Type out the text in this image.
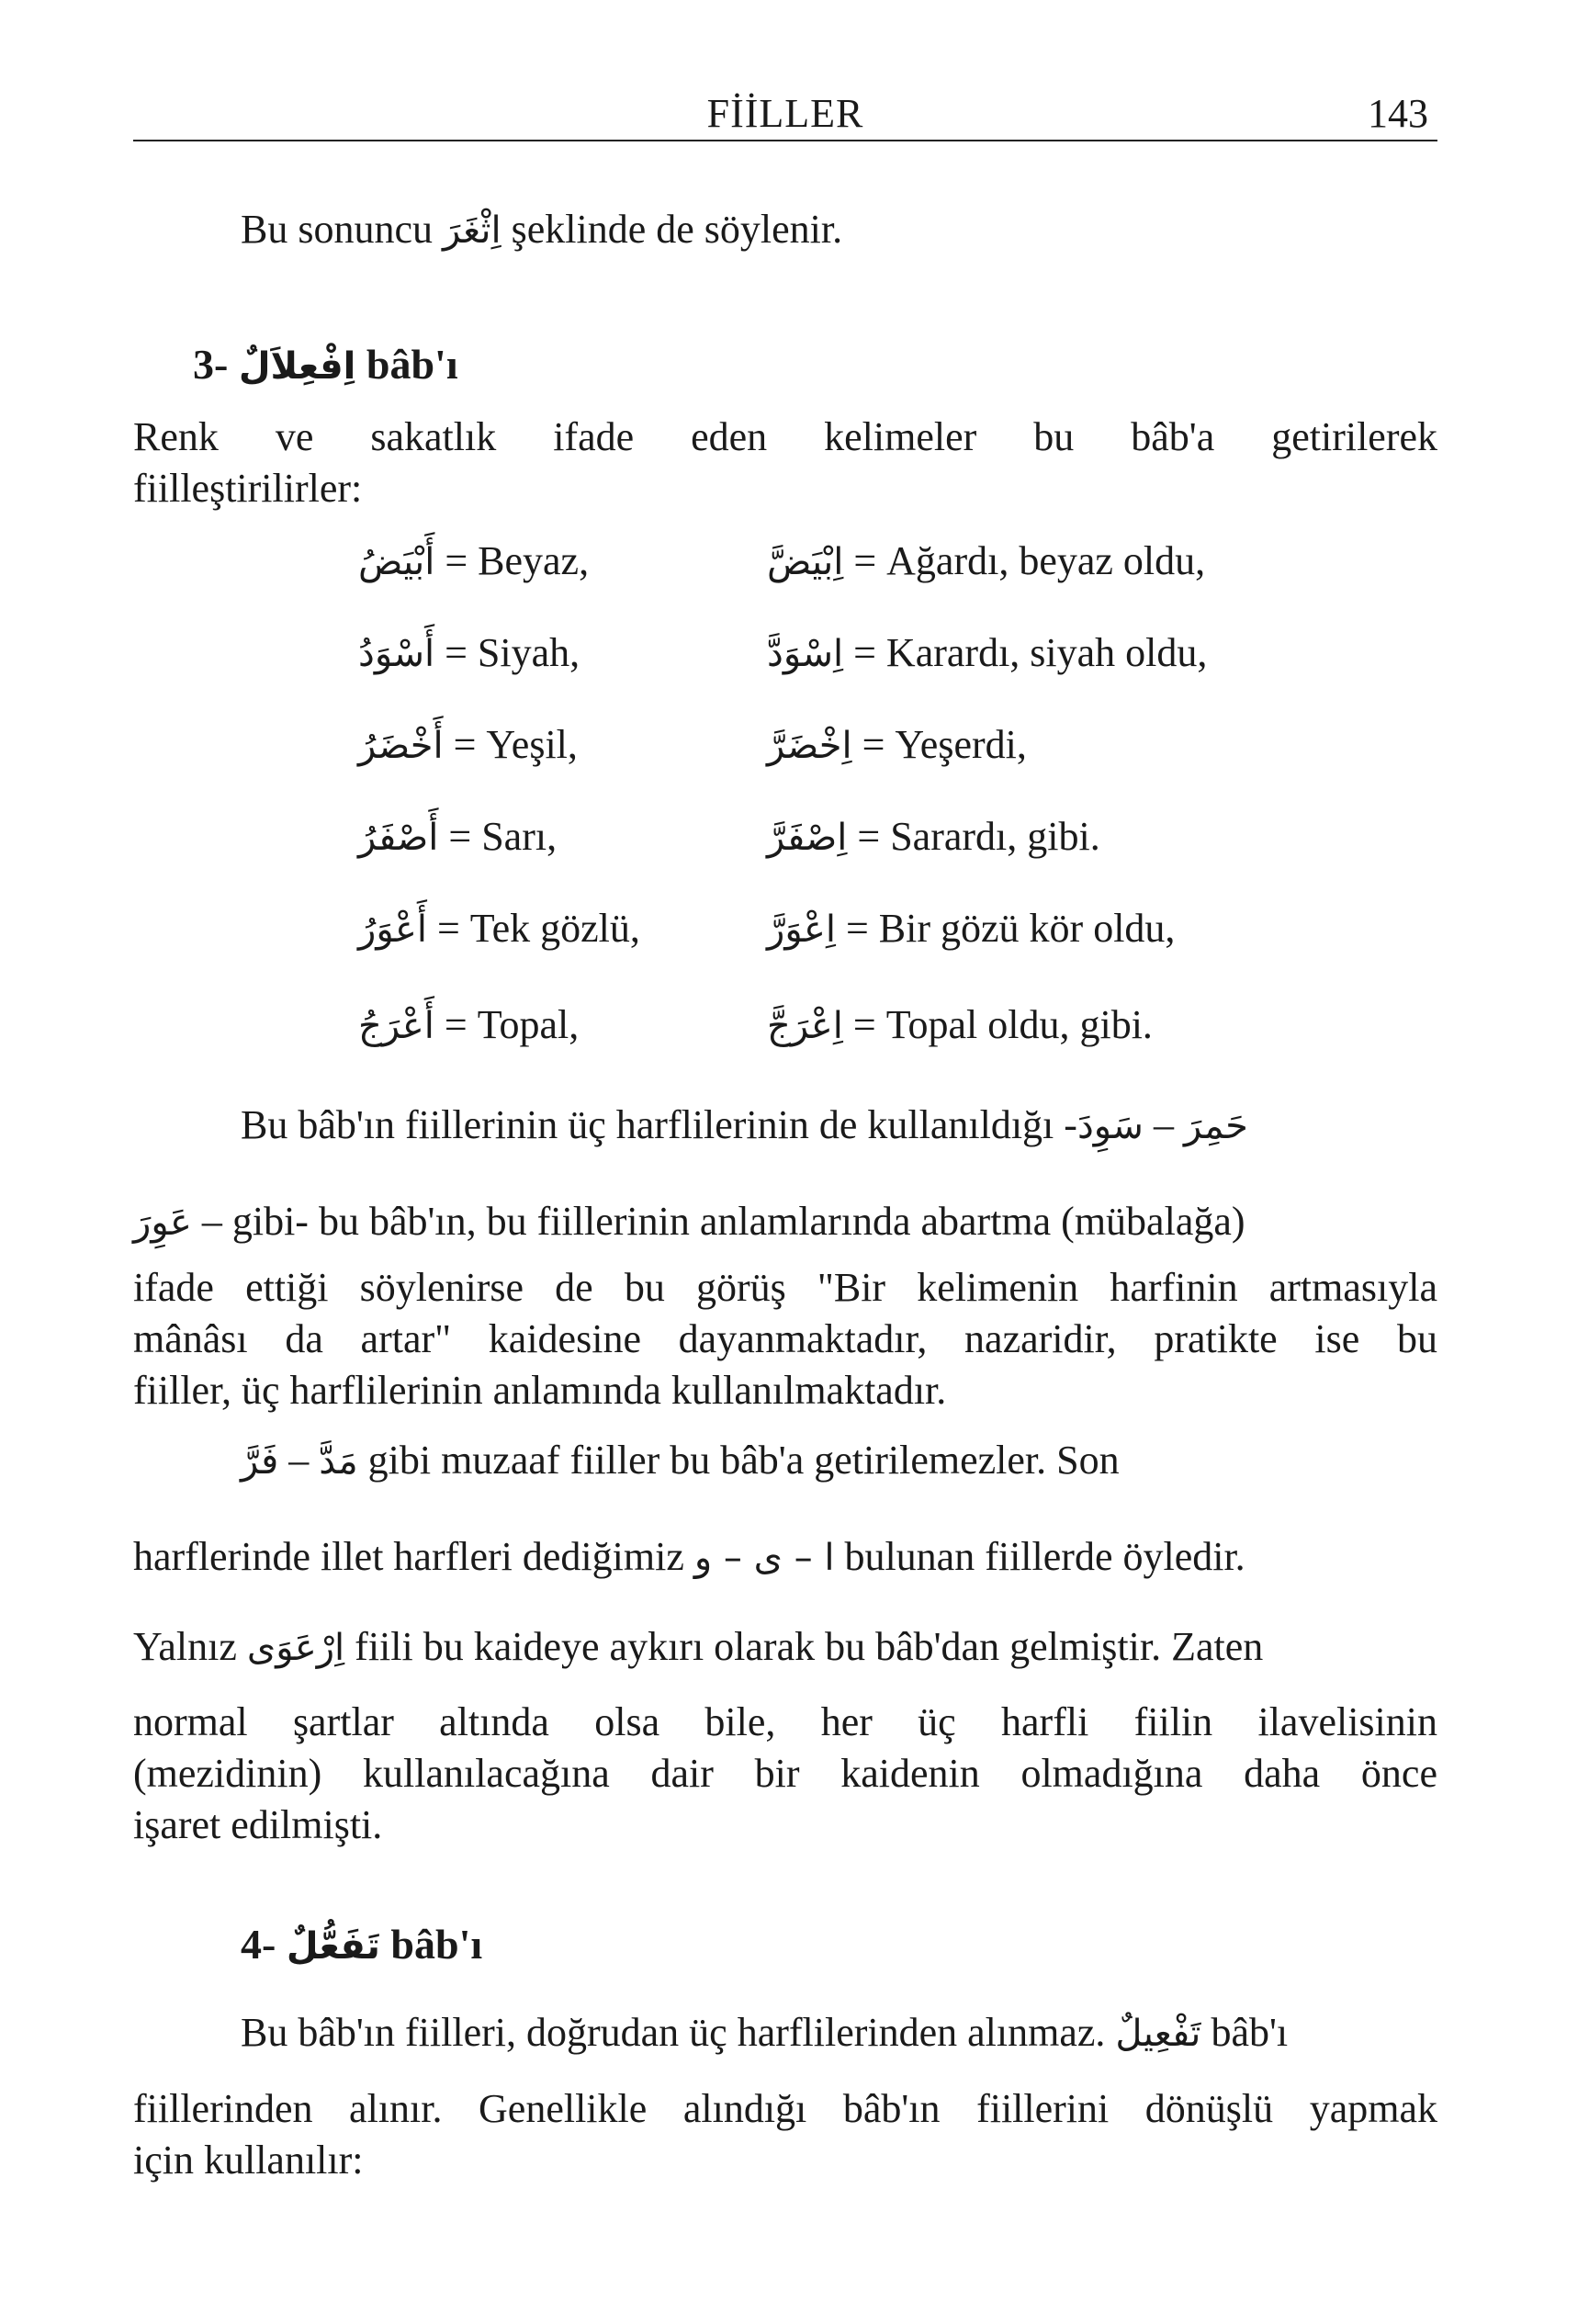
FİİLLER	143
Bu sonuncu اِثْغَرَ şeklinde de söylenir.
3- اِفْعِلاَلٌ bâb'ı
Renk ve sakatlık ifade eden kelimeler bu bâb'a getirilerek
fiilleştirilirler:
أَبْيَضُ = Beyaz,	اِبْيَضَّ = Ağardı, beyaz oldu,
أَسْوَدُ = Siyah,	اِسْوَدَّ = Karardı, siyah oldu,
أَخْضَرُ = Yeşil,	اِخْضَرَّ = Yeşerdi,
أَصْفَرُ = Sarı,	اِصْفَرَّ = Sarardı, gibi.
أَعْوَرُ = Tek gözlü,	اِعْوَرَّ = Bir gözü kör oldu,
أَعْرَجُ = Topal,	اِعْرَجَّ = Topal oldu, gibi.
Bu bâb'ın fiillerinin üç harflilerinin de kullanıldığı -	حَمِرَ – سَوِدَ
عَوِرَ – gibi- bu bâb'ın, bu fiillerinin anlamlarında abartma (mübalağa)
ifade ettiği söylenirse de bu görüş "Bir kelimenin harfinin artmasıyla
mânâsı da artar" kaidesine dayanmaktadır, nazaridir, pratikte ise bu
fiiller, üç harflilerinin anlamında kullanılmaktadır.
مَدَّ – فَرَّ gibi muzaaf fiiller bu bâb'a getirilemezler. Son
harflerinde illet harfleri dediğimiz ا – ى – و bulunan fiillerde öyledir.
Yalnız اِرْعَوَى fiili bu kaideye aykırı olarak bu bâb'dan gelmiştir. Zaten
normal şartlar altında olsa bile, her üç harfli fiilin ilavelisinin
(mezidinin) kullanılacağına dair bir kaidenin olmadığına daha önce
işaret edilmişti.
4- تَفَعُّلٌ bâb'ı
Bu bâb'ın fiilleri, doğrudan üç harflilerinden alınmaz. تَفْعِيلٌ bâb'ı
fiillerinden alınır. Genellikle alındığı bâb'ın fiillerini dönüşlü yapmak
için kullanılır:
